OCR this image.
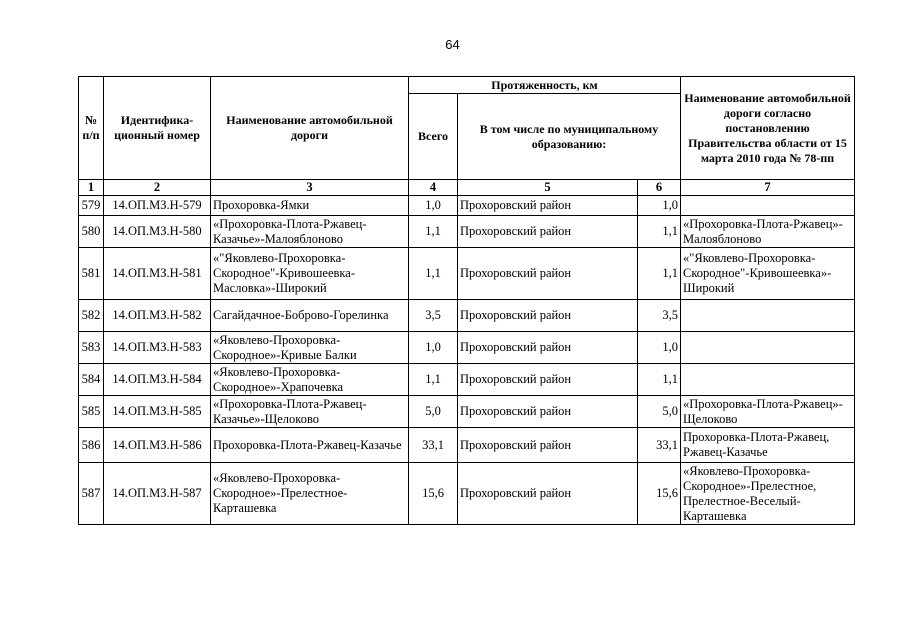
64
№ п/п	Идентифика-ционный номер	Наименование автомобильной дороги	Протяженность, км			Наименование автомобильной дороги согласно постановлению Правительства области от 15 марта 2010 года № 78-пп
			Всего	В том числе по муниципальному образованию:		
1	2	3	4	5	6	7
579	14.ОП.МЗ.Н-579	Прохоровка-Ямки	1,0	Прохоровский район	1,0	
580	14.ОП.МЗ.Н-580	«Прохоровка-Плота-Ржавец-Казачье»-Малояблоново	1,1	Прохоровский район	1,1	«Прохоровка-Плота-Ржавец»-Малояблоново
581	14.ОП.МЗ.Н-581	«"Яковлево-Прохоровка-Скородное"-Кривошеевка-Масловка»-Широкий	1,1	Прохоровский район	1,1	«"Яковлево-Прохоровка-Скородное"-Кривошеевка»-Широкий
582	14.ОП.МЗ.Н-582	Сагайдачное-Боброво-Горелинка	3,5	Прохоровский район	3,5	
583	14.ОП.МЗ.Н-583	«Яковлево-Прохоровка-Скородное»-Кривые Балки	1,0	Прохоровский район	1,0	
584	14.ОП.МЗ.Н-584	«Яковлево-Прохоровка-Скородное»-Храпочевка	1,1	Прохоровский район	1,1	
585	14.ОП.МЗ.Н-585	«Прохоровка-Плота-Ржавец-Казачье»-Щелоково	5,0	Прохоровский район	5,0	«Прохоровка-Плота-Ржавец»-Щелоково
586	14.ОП.МЗ.Н-586	Прохоровка-Плота-Ржавец-Казачье	33,1	Прохоровский район	33,1	Прохоровка-Плота-Ржавец, Ржавец-Казачье
587	14.ОП.МЗ.Н-587	«Яковлево-Прохоровка-Скородное»-Прелестное-Карташевка	15,6	Прохоровский район	15,6	«Яковлево-Прохоровка-Скородное»-Прелестное, Прелестное-Веселый-Карташевка
